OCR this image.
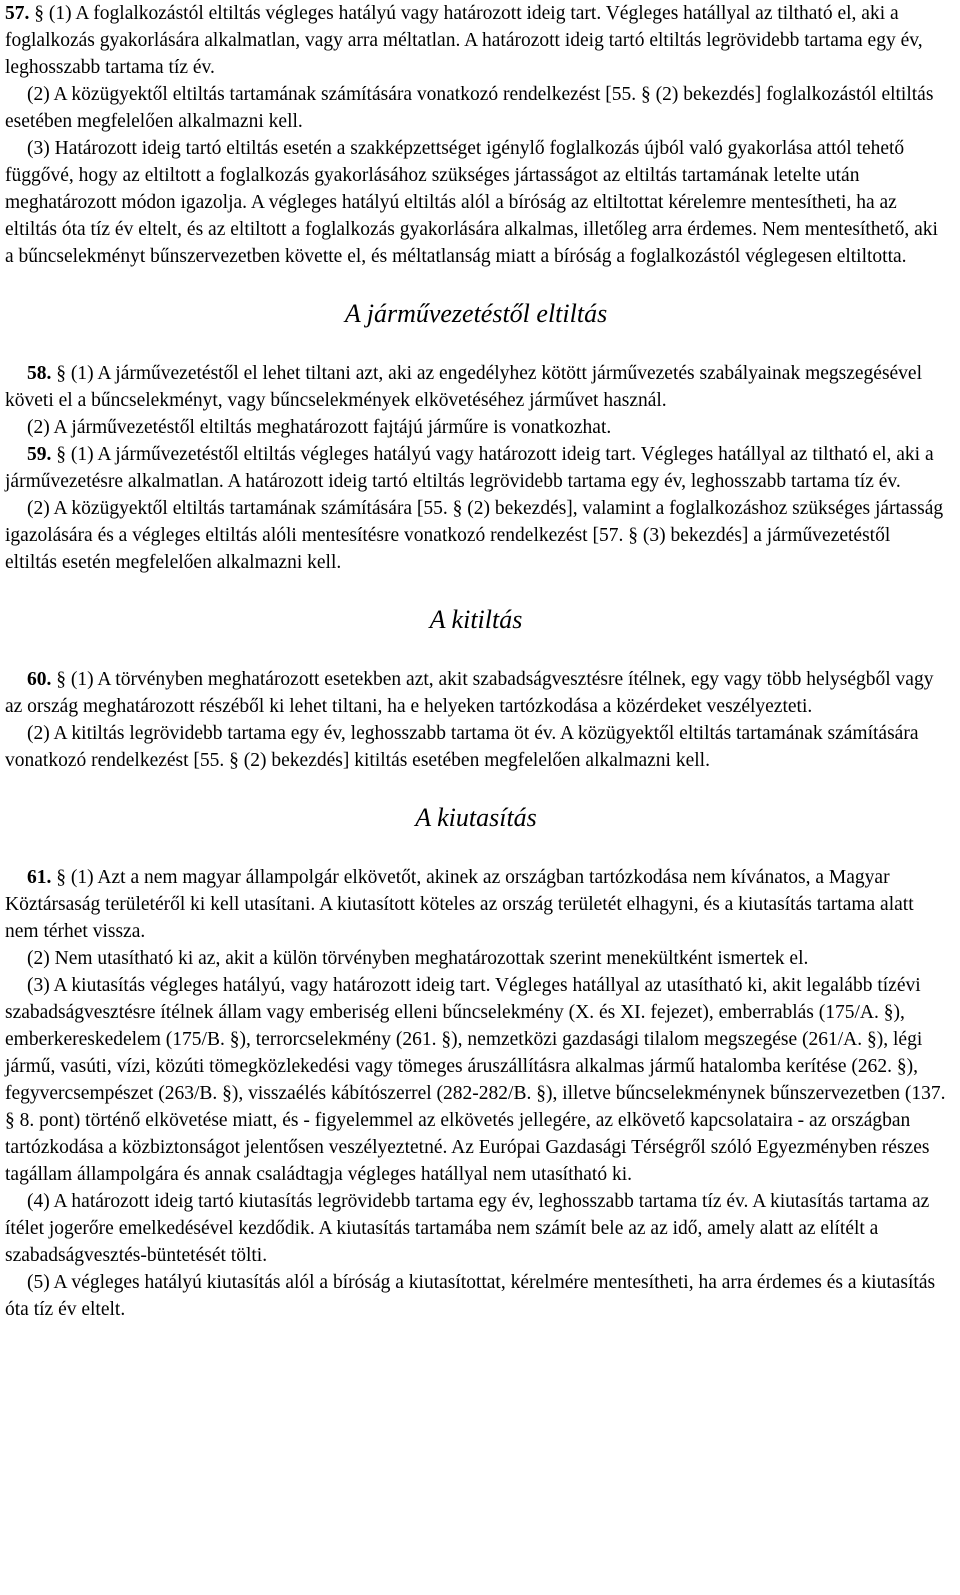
57. § (1) A foglalkozástól eltiltás végleges hatályú vagy határozott ideig tart. Végleges hatállyal az tiltható el, aki a foglalkozás gyakorlására alkalmatlan, vagy arra méltatlan. A határozott ideig tartó eltiltás legrövidebb tartama egy év, leghosszabb tartama tíz év.

(2) A közügyektől eltiltás tartamának számítására vonatkozó rendelkezést [55. § (2) bekezdés] foglalkozástól eltiltás esetében megfelelően alkalmazni kell.

(3) Határozott ideig tartó eltiltás esetén a szakképzettséget igénylő foglalkozás újból való gyakorlása attól tehető függővé, hogy az eltiltott a foglalkozás gyakorlásához szükséges jártasságot az eltiltás tartamának letelte után meghatározott módon igazolja. A végleges hatályú eltiltás alól a bíróság az eltiltottat kérelemre mentesítheti, ha az eltiltás óta tíz év eltelt, és az eltiltott a foglalkozás gyakorlására alkalmas, illetőleg arra érdemes. Nem mentesíthető, aki a bűncselekményt bűnszervezetben követte el, és méltatlanság miatt a bíróság a foglalkozástól véglegesen eltiltotta.

A járművezetéstől eltiltás

58. § (1) A járművezetéstől el lehet tiltani azt, aki az engedélyhez kötött járművezetés szabályainak megszegésével követi el a bűncselekményt, vagy bűncselekmények elkövetéséhez járművet használ.

(2) A járművezetéstől eltiltás meghatározott fajtájú járműre is vonatkozhat.

59. § (1) A járművezetéstől eltiltás végleges hatályú vagy határozott ideig tart. Végleges hatállyal az tiltható el, aki a járművezetésre alkalmatlan. A határozott ideig tartó eltiltás legrövidebb tartama egy év, leghosszabb tartama tíz év.

(2) A közügyektől eltiltás tartamának számítására [55. § (2) bekezdés], valamint a foglalkozáshoz szükséges jártasság igazolására és a végleges eltiltás alóli mentesítésre vonatkozó rendelkezést [57. § (3) bekezdés] a járművezetéstől eltiltás esetén megfelelően alkalmazni kell.

A kitiltás

60. § (1) A törvényben meghatározott esetekben azt, akit szabadságvesztésre ítélnek, egy vagy több helységből vagy az ország meghatározott részéből ki lehet tiltani, ha e helyeken tartózkodása a közérdeket veszélyezteti.

(2) A kitiltás legrövidebb tartama egy év, leghosszabb tartama öt év. A közügyektől eltiltás tartamának számítására vonatkozó rendelkezést [55. § (2) bekezdés] kitiltás esetében megfelelően alkalmazni kell.

A kiutasítás

61. § (1) Azt a nem magyar állampolgár elkövetőt, akinek az országban tartózkodása nem kívánatos, a Magyar Köztársaság területéről ki kell utasítani. A kiutasított köteles az ország területét elhagyni, és a kiutasítás tartama alatt nem térhet vissza.

(2) Nem utasítható ki az, akit a külön törvényben meghatározottak szerint menekültként ismertek el.

(3) A kiutasítás végleges hatályú, vagy határozott ideig tart. Végleges hatállyal az utasítható ki, akit legalább tízévi szabadságvesztésre ítélnek állam vagy emberiség elleni bűncselekmény (X. és XI. fejezet), emberrablás (175/A. §), emberkereskedelem (175/B. §), terrorcselekmény (261. §), nemzetközi gazdasági tilalom megszegése (261/A. §), légi jármű, vasúti, vízi, közúti tömegközlekedési vagy tömeges áruszállításra alkalmas jármű hatalomba kerítése (262. §), fegyvercsempészet (263/B. §), visszaélés kábítószerrel (282-282/B. §), illetve bűncselekménynek bűnszervezetben (137. § 8. pont) történő elkövetése miatt, és - figyelemmel az elkövetés jellegére, az elkövető kapcsolataira - az országban tartózkodása a közbiztonságot jelentősen veszélyeztetné. Az Európai Gazdasági Térségről szóló Egyezményben részes tagállam állampolgára és annak családtagja végleges hatállyal nem utasítható ki.

(4) A határozott ideig tartó kiutasítás legrövidebb tartama egy év, leghosszabb tartama tíz év. A kiutasítás tartama az ítélet jogerőre emelkedésével kezdődik. A kiutasítás tartamába nem számít bele az az idő, amely alatt az elítélt a szabadságvesztés-büntetését tölti.

(5) A végleges hatályú kiutasítás alól a bíróság a kiutasítottat, kérelmére mentesítheti, ha arra érdemes és a kiutasítás óta tíz év eltelt.
